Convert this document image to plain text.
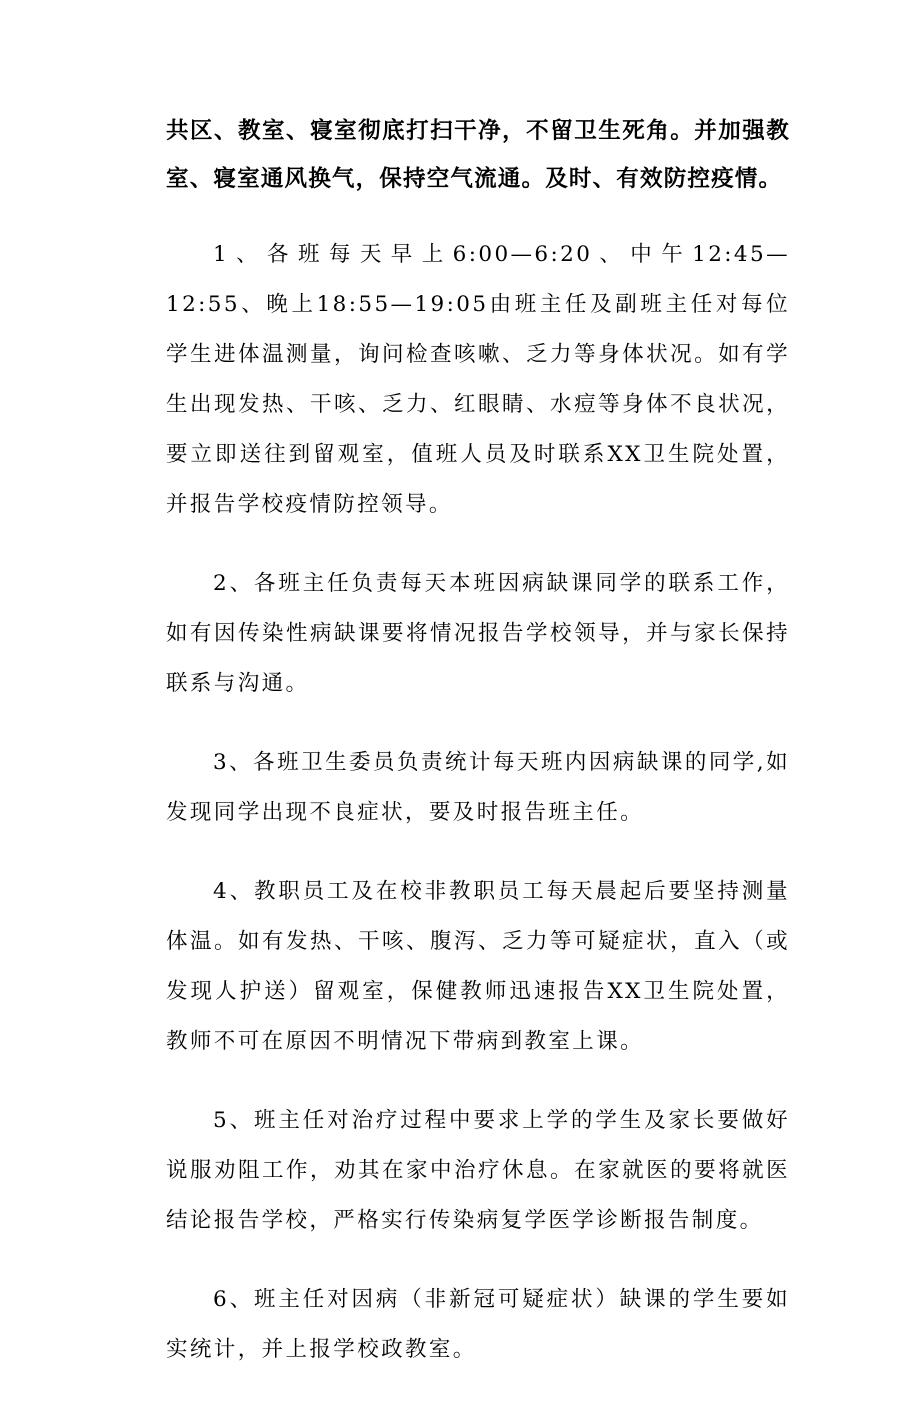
共区、教室、寝室彻底打扫干净，不留卫生死角。并加强教室、寝室通风换气，保持空气流通。及时、有效防控疫情。

1、各班每天早上6:00—6:20、中午12:45—12:55、晚上18:55—19:05由班主任及副班主任对每位学生进体温测量，询问检查咳嗽、乏力等身体状况。如有学生出现发热、干咳、乏力、红眼睛、水痘等身体不良状况，要立即送往到留观室，值班人员及时联系XX卫生院处置，并报告学校疫情防控领导。

2、各班主任负责每天本班因病缺课同学的联系工作，如有因传染性病缺课要将情况报告学校领导，并与家长保持联系与沟通。

3、各班卫生委员负责统计每天班内因病缺课的同学,如发现同学出现不良症状，要及时报告班主任。

4、教职员工及在校非教职员工每天晨起后要坚持测量体温。如有发热、干咳、腹泻、乏力等可疑症状，直入（或发现人护送）留观室，保健教师迅速报告XX卫生院处置，教师不可在原因不明情况下带病到教室上课。

5、班主任对治疗过程中要求上学的学生及家长要做好说服劝阻工作，劝其在家中治疗休息。在家就医的要将就医结论报告学校，严格实行传染病复学医学诊断报告制度。

6、班主任对因病（非新冠可疑症状）缺课的学生要如实统计，并上报学校政教室。
